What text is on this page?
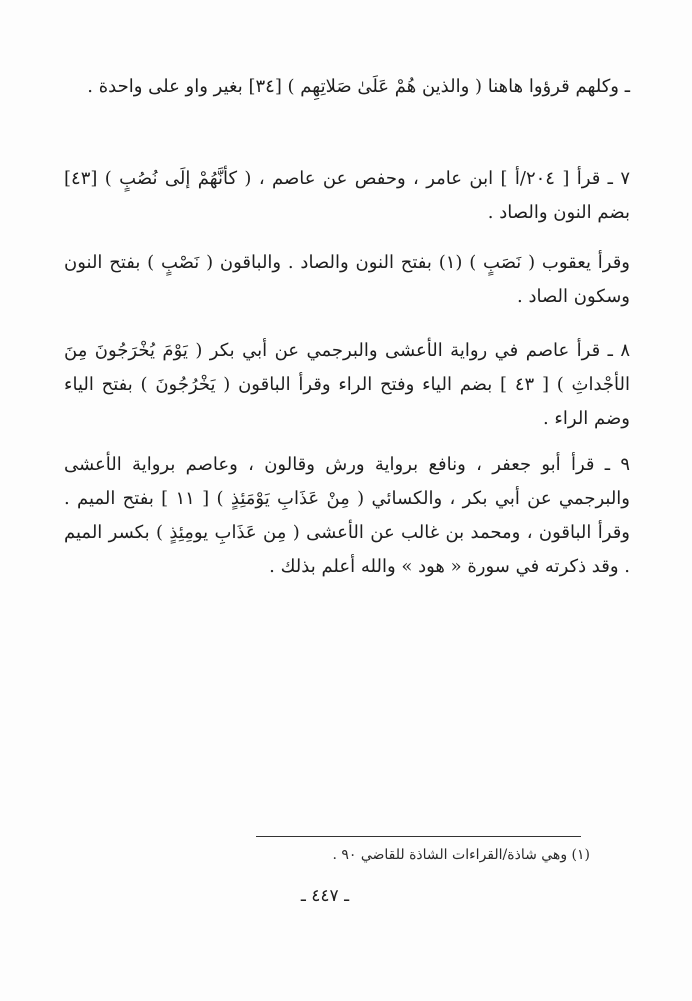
ـ وكلهم قرؤوا هاهنا ( والذين هُمْ عَلَىٰ صَلاتِهِم ) [٣٤] بغير واو على واحدة .

٧ ـ قرأ [ ٢٠٤/أ ] ابن عامر ، وحفص عن عاصم ، ( كأنَّهُمْ إلَى نُصُبٍ ) [٤٣] بضم النون والصاد .

وقرأ يعقوب ( نَصَبٍ ) (١) بفتح النون والصاد . والباقون ( نَصْبٍ ) بفتح النون وسكون الصاد .

٨ ـ قرأ عاصم في رواية الأعشى والبرجمي عن أبي بكر ( يَوْمَ يُخْرَجُونَ مِنَ الأجْداثِ ) [ ٤٣ ] بضم الياء وفتح الراء وقرأ الباقون ( يَخْرُجُونَ ) بفتح الياء وضم الراء .

٩ ـ قرأ أبو جعفر ، ونافع برواية ورش وقالون ، وعاصم برواية الأعشى والبرجمي عن أبي بكر ، والكسائي ( مِنْ عَذَابِ يَوْمَئِذٍ ) [ ١١ ] بفتح الميم . وقرأ الباقون ، ومحمد بن غالب عن الأعشى ( مِن عَذَابِ يومِئِذٍ ) بكسر الميم . وقد ذكرته في سورة « هود » والله أعلم بذلك .

(١) وهي شاذة/القراءات الشاذة للقاضي ٩٠ .
ـ ٤٤٧ ـ
